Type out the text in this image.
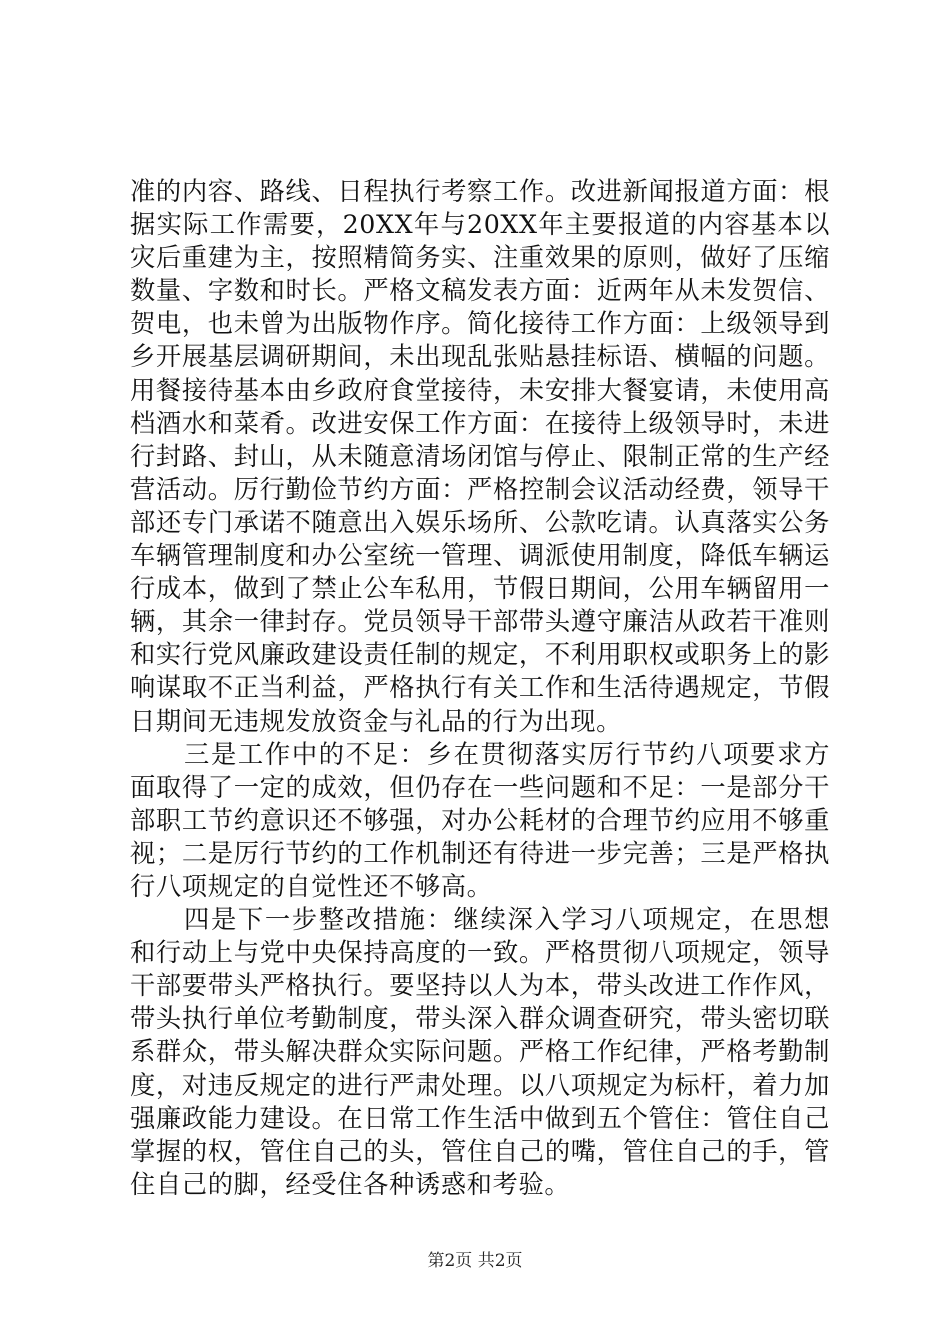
准的内容、路线、日程执行考察工作。改进新闻报道方面：根据实际工作需要，20XX年与20XX年主要报道的内容基本以灾后重建为主，按照精简务实、注重效果的原则，做好了压缩数量、字数和时长。严格文稿发表方面：近两年从未发贺信、贺电，也未曾为出版物作序。简化接待工作方面：上级领导到乡开展基层调研期间，未出现乱张贴悬挂标语、横幅的问题。用餐接待基本由乡政府食堂接待，未安排大餐宴请，未使用高档酒水和菜肴。改进安保工作方面：在接待上级领导时，未进行封路、封山，从未随意清场闭馆与停止、限制正常的生产经营活动。厉行勤俭节约方面：严格控制会议活动经费，领导干部还专门承诺不随意出入娱乐场所、公款吃请。认真落实公务车辆管理制度和办公室统一管理、调派使用制度，降低车辆运行成本，做到了禁止公车私用，节假日期间，公用车辆留用一辆，其余一律封存。党员领导干部带头遵守廉洁从政若干准则和实行党风廉政建设责任制的规定，不利用职权或职务上的影响谋取不正当利益，严格执行有关工作和生活待遇规定，节假日期间无违规发放资金与礼品的行为出现。

三是工作中的不足：乡在贯彻落实厉行节约八项要求方面取得了一定的成效，但仍存在一些问题和不足：一是部分干部职工节约意识还不够强，对办公耗材的合理节约应用不够重视；二是厉行节约的工作机制还有待进一步完善；三是严格执行八项规定的自觉性还不够高。

四是下一步整改措施：继续深入学习八项规定，在思想和行动上与党中央保持高度的一致。严格贯彻八项规定，领导干部要带头严格执行。要坚持以人为本，带头改进工作作风，带头执行单位考勤制度，带头深入群众调查研究，带头密切联系群众，带头解决群众实际问题。严格工作纪律，严格考勤制度，对违反规定的进行严肃处理。以八项规定为标杆，着力加强廉政能力建设。在日常工作生活中做到五个管住：管住自己掌握的权，管住自己的头，管住自己的嘴，管住自己的手，管住自己的脚，经受住各种诱惑和考验。

第2页 共2页
